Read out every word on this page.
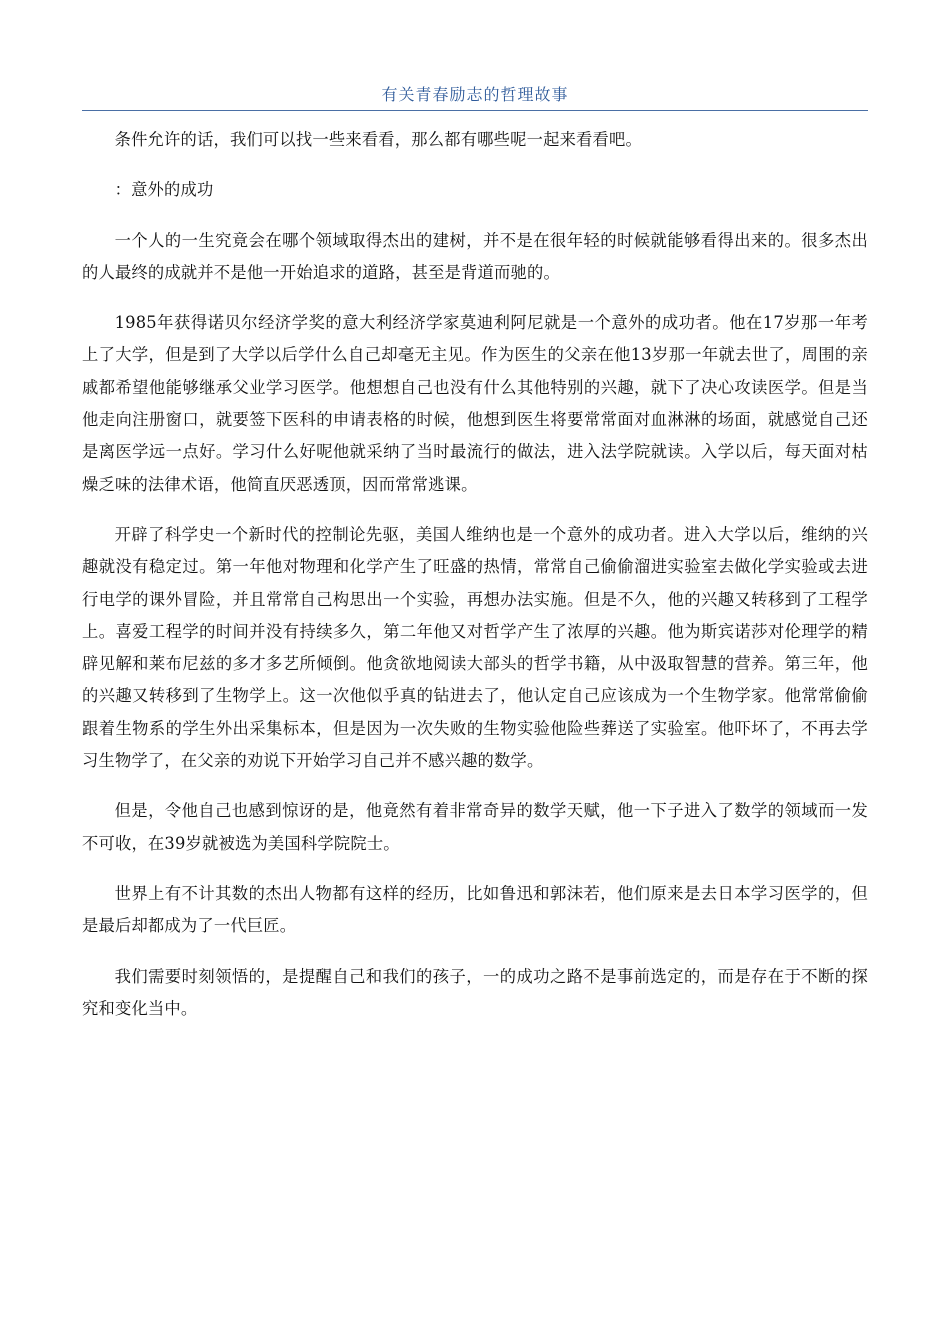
有关青春励志的哲理故事

条件允许的话，我们可以找一些来看看，那么都有哪些呢一起来看看吧。

：意外的成功

一个人的一生究竟会在哪个领域取得杰出的建树，并不是在很年轻的时候就能够看得出来的。很多杰出的人最终的成就并不是他一开始追求的道路，甚至是背道而驰的。

1985年获得诺贝尔经济学奖的意大利经济学家莫迪利阿尼就是一个意外的成功者。他在17岁那一年考上了大学，但是到了大学以后学什么自己却毫无主见。作为医生的父亲在他13岁那一年就去世了，周围的亲戚都希望他能够继承父业学习医学。他想想自己也没有什么其他特别的兴趣，就下了决心攻读医学。但是当他走向注册窗口，就要签下医科的申请表格的时候，他想到医生将要常常面对血淋淋的场面，就感觉自己还是离医学远一点好。学习什么好呢他就采纳了当时最流行的做法，进入法学院就读。入学以后，每天面对枯燥乏味的法律术语，他简直厌恶透顶，因而常常逃课。

开辟了科学史一个新时代的控制论先驱，美国人维纳也是一个意外的成功者。进入大学以后，维纳的兴趣就没有稳定过。第一年他对物理和化学产生了旺盛的热情，常常自己偷偷溜进实验室去做化学实验或去进行电学的课外冒险，并且常常自己构思出一个实验，再想办法实施。但是不久，他的兴趣又转移到了工程学上。喜爱工程学的时间并没有持续多久，第二年他又对哲学产生了浓厚的兴趣。他为斯宾诺莎对伦理学的精辟见解和莱布尼兹的多才多艺所倾倒。他贪欲地阅读大部头的哲学书籍，从中汲取智慧的营养。第三年，他的兴趣又转移到了生物学上。这一次他似乎真的钻进去了，他认定自己应该成为一个生物学家。他常常偷偷跟着生物系的学生外出采集标本，但是因为一次失败的生物实验他险些葬送了实验室。他吓坏了，不再去学习生物学了，在父亲的劝说下开始学习自己并不感兴趣的数学。

但是，令他自己也感到惊讶的是，他竟然有着非常奇异的数学天赋，他一下子进入了数学的领域而一发不可收，在39岁就被选为美国科学院院士。

世界上有不计其数的杰出人物都有这样的经历，比如鲁迅和郭沫若，他们原来是去日本学习医学的，但是最后却都成为了一代巨匠。

我们需要时刻领悟的，是提醒自己和我们的孩子，一的成功之路不是事前选定的，而是存在于不断的探究和变化当中。
